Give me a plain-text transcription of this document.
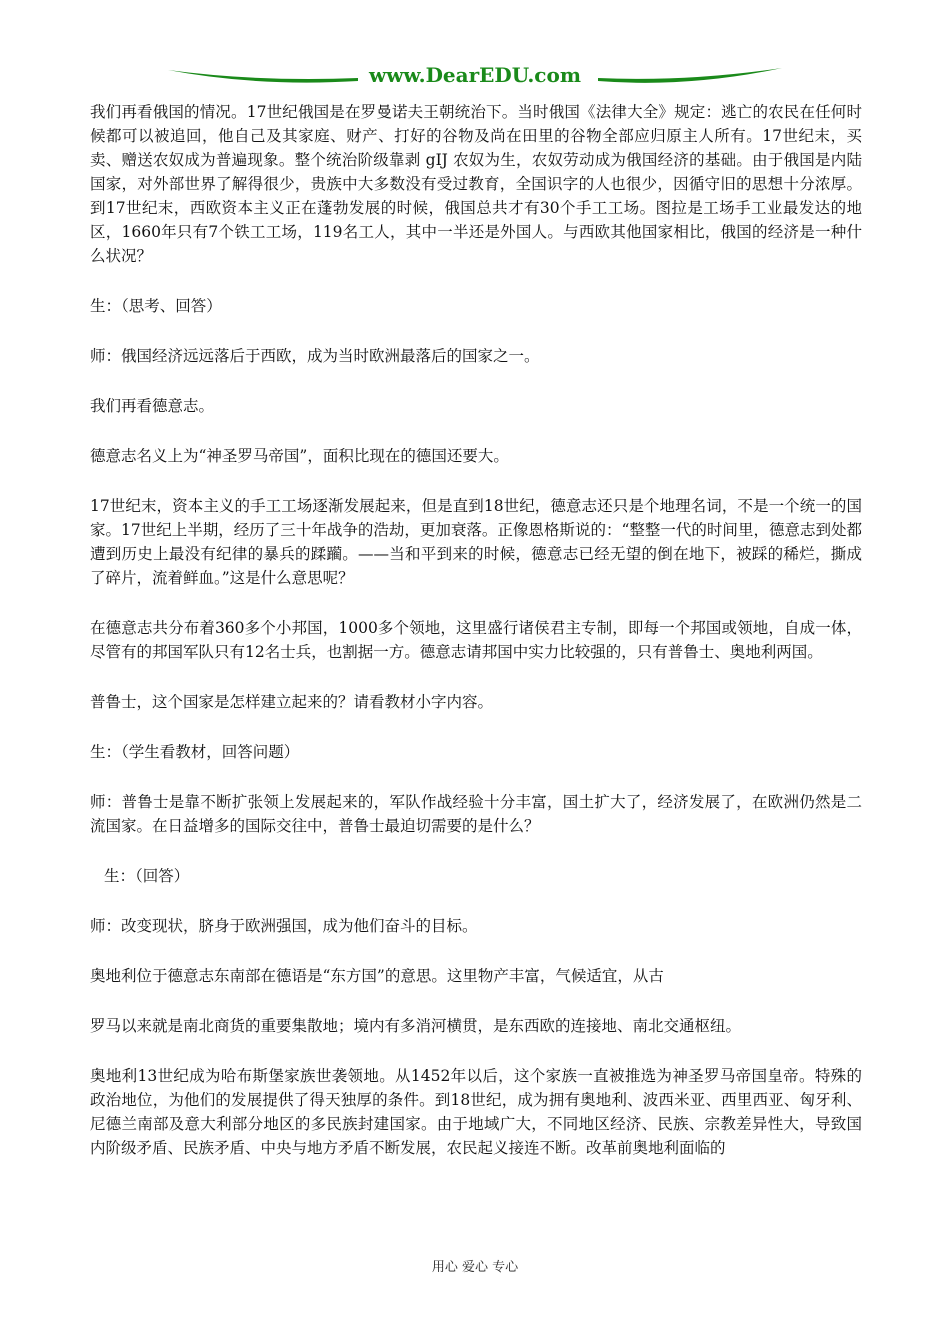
www.DearEDU.com

我们再看俄国的情况。17世纪俄国是在罗曼诺夫王朝统治下。当时俄国《法律大全》规定：逃亡的农民在任何时候都可以被追回，他自己及其家庭、财产、打好的谷物及尚在田里的谷物全部应归原主人所有。17世纪末，买卖、赠送农奴成为普遍现象。整个统治阶级靠剥 gIJ 农奴为生，农奴劳动成为俄国经济的基础。由于俄国是内陆国家，对外部世界了解得很少，贵族中大多数没有受过教育，全国识字的人也很少，因循守旧的思想十分浓厚。到17世纪末，西欧资本主义正在蓬勃发展的时候，俄国总共才有30个手工工场。图拉是工场手工业最发达的地区，1660年只有7个铁工工场，119名工人，其中一半还是外国人。与西欧其他国家相比，俄国的经济是一种什么状况？

生：（思考、回答）

师：俄国经济远远落后于西欧，成为当时欧洲最落后的国家之一。

我们再看德意志。

德意志名义上为“神圣罗马帝国”，面积比现在的德国还要大。

17世纪末，资本主义的手工工场逐渐发展起来，但是直到18世纪，德意志还只是个地理名词，不是一个统一的国家。17世纪上半期，经历了三十年战争的浩劫，更加衰落。正像恩格斯说的：“整整一代的时间里，德意志到处都遭到历史上最没有纪律的暴兵的蹂躏。——当和平到来的时候，德意志已经无望的倒在地下，被踩的稀烂，撕成了碎片，流着鲜血。”这是什么意思呢？

在德意志共分布着360多个小邦国，1000多个领地，这里盛行诸侯君主专制，即每一个邦国或领地，自成一体，尽管有的邦国军队只有12名士兵，也割据一方。德意志请邦国中实力比较强的，只有普鲁士、奥地利两国。

普鲁士，这个国家是怎样建立起来的？请看教材小字内容。

生：（学生看教材，回答问题）

师：普鲁士是靠不断扩张领上发展起来的，军队作战经验十分丰富，国土扩大了，经济发展了，在欧洲仍然是二流国家。在日益增多的国际交往中，普鲁士最迫切需要的是什么？

生：（回答）

师：改变现状，脐身于欧洲强国，成为他们奋斗的目标。

奥地利位于德意志东南部在德语是“东方国”的意思。这里物产丰富，气候适宜，从古

罗马以来就是南北商货的重要集散地；境内有多消河横贯，是东西欧的连接地、南北交通枢纽。

奥地利13世纪成为哈布斯堡家族世袭领地。从1452年以后，这个家族一直被推选为神圣罗马帝国皇帝。特殊的政治地位，为他们的发展提供了得天独厚的条件。到18世纪，成为拥有奥地利、波西米亚、西里西亚、匈牙利、尼德兰南部及意大利部分地区的多民族封建国家。由于地域广大，不同地区经济、民族、宗教差异性大，导致国内阶级矛盾、民族矛盾、中央与地方矛盾不断发展，农民起义接连不断。改革前奥地利面临的

用心 爱心 专心
